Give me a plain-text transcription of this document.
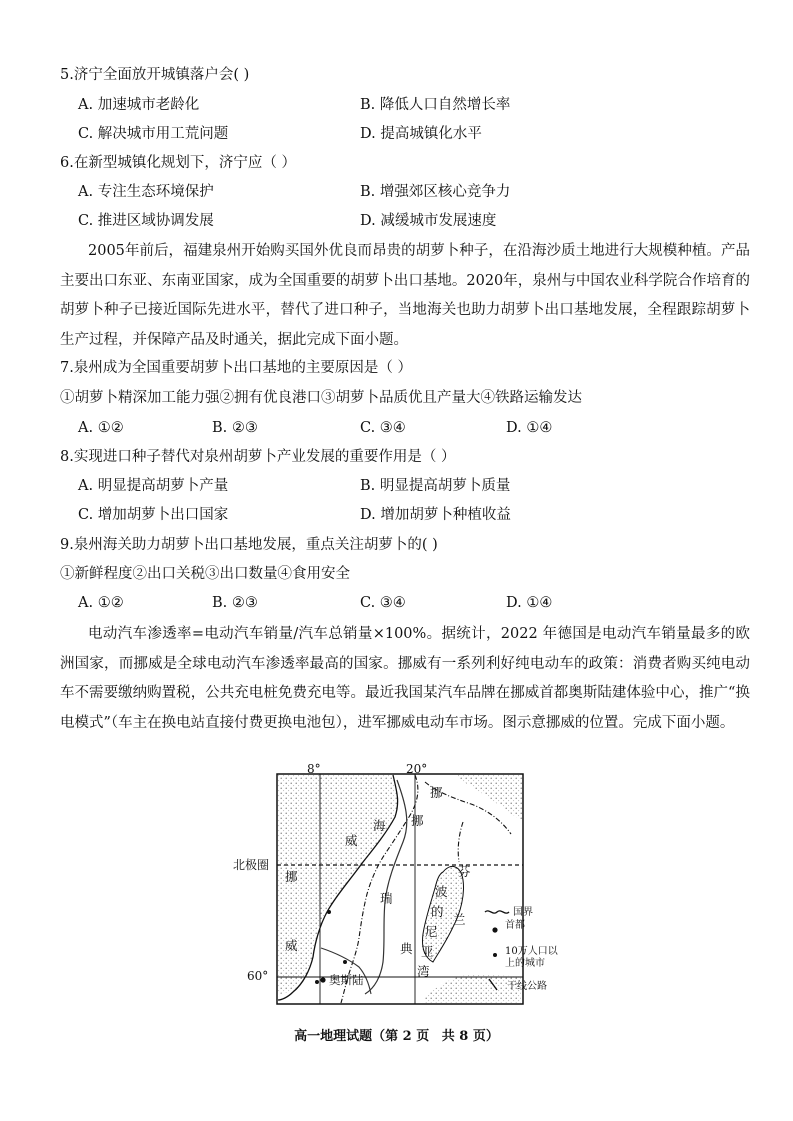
5.济宁全面放开城镇落户会( )
A. 加速城市老龄化	B. 降低人口自然增长率
C. 解决城市用工荒问题	D. 提高城镇化水平
6.在新型城镇化规划下，济宁应（ ）
A. 专注生态环境保护	B. 增强郊区核心竞争力
C. 推进区域协调发展	D. 减缓城市发展速度
2005年前后，福建泉州开始购买国外优良而昂贵的胡萝卜种子，在沿海沙质土地进行大规模种植。产品主要出口东亚、东南亚国家，成为全国重要的胡萝卜出口基地。2020年，泉州与中国农业科学院合作培育的胡萝卜种子已接近国际先进水平，替代了进口种子，当地海关也助力胡萝卜出口基地发展，全程跟踪胡萝卜生产过程，并保障产品及时通关，据此完成下面小题。
7.泉州成为全国重要胡萝卜出口基地的主要原因是（ ）
①胡萝卜精深加工能力强②拥有优良港口③胡萝卜品质优且产量大④铁路运输发达
A. ①②	B. ②③	C. ③④	D. ①④
8.实现进口种子替代对泉州胡萝卜产业发展的重要作用是（ ）
A. 明显提高胡萝卜产量	B. 明显提高胡萝卜质量
C. 增加胡萝卜出口国家	D. 增加胡萝卜种植收益
9.泉州海关助力胡萝卜出口基地发展，重点关注胡萝卜的( )
①新鲜程度②出口关税③出口数量④食用安全
A. ①②	B. ②③	C. ③④	D. ①④
电动汽车渗透率=电动汽车销量/汽车总销量×100%。据统计，2022 年德国是电动汽车销量最多的欧洲国家，而挪威是全球电动汽车渗透率最高的国家。挪威有一系列利好纯电动车的政策：消费者购买纯电动车不需要缴纳购置税，公共充电桩免费充电等。最近我国某汽车品牌在挪威首都奥斯陆建体验中心，推广“换电模式”（车主在换电站直接付费更换电池包），进军挪威电动车市场。图示意挪威的位置。完成下面小题。
8°	20°
北极圈
60°
挪
威
海
挪
威
挪
瑞
典
波
的
尼
亚
湾
芬
兰
奥斯陆
国界
首都
10万人口以上的城市
干线公路
高一地理试题（第 2 页 共 8 页）
